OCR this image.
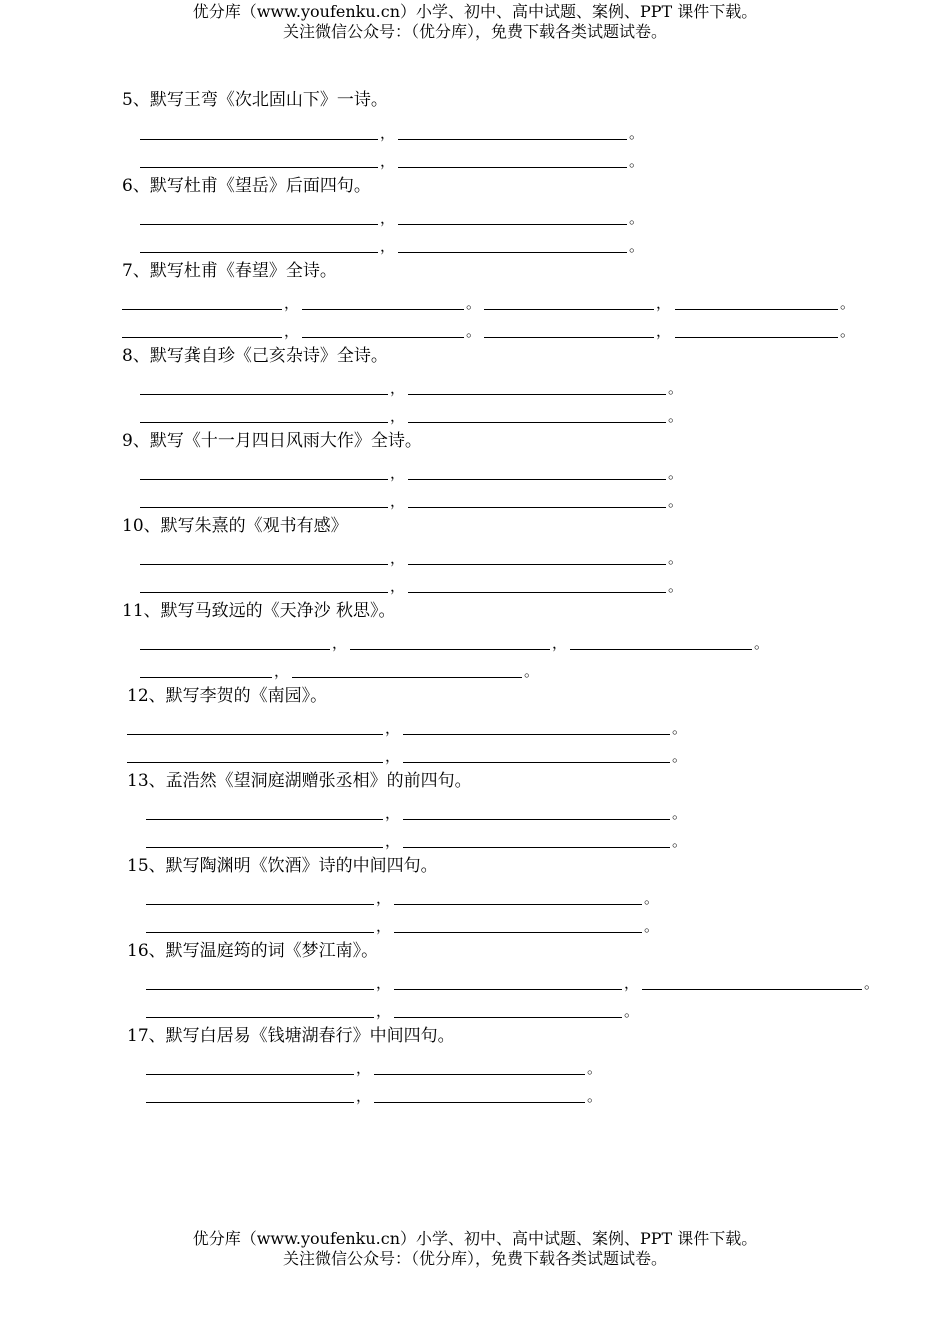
优分库（www.youfenku.cn）小学、初中、高中试题、案例、PPT 课件下载。
关注微信公众号：（优分库），免费下载各类试题试卷。
5、默写王弯《次北固山下》一诗。
，	。
，	。
6、默写杜甫《望岳》后面四句。
，	。
，	。
7、默写杜甫《春望》全诗。
，	。	，	。
，	。	，	。
8、默写龚自珍《己亥杂诗》全诗。
，	。
，	。
9、默写《十一月四日风雨大作》全诗。
，	。
，	。
10、默写朱熹的《观书有感》
，	。
，	。
11、默写马致远的《天净沙 秋思》。
，	，	。
，	。
12、默写李贺的《南园》。
，	。
，	。
13、孟浩然《望洞庭湖赠张丞相》的前四句。
，	。
，	。
15、默写陶渊明《饮酒》诗的中间四句。
，	。
，	。
16、默写温庭筠的词《梦江南》。
，	，	。
，	。
17、默写白居易《钱塘湖春行》中间四句。
，	。
，	。
优分库（www.youfenku.cn）小学、初中、高中试题、案例、PPT 课件下载。
关注微信公众号：（优分库），免费下载各类试题试卷。
